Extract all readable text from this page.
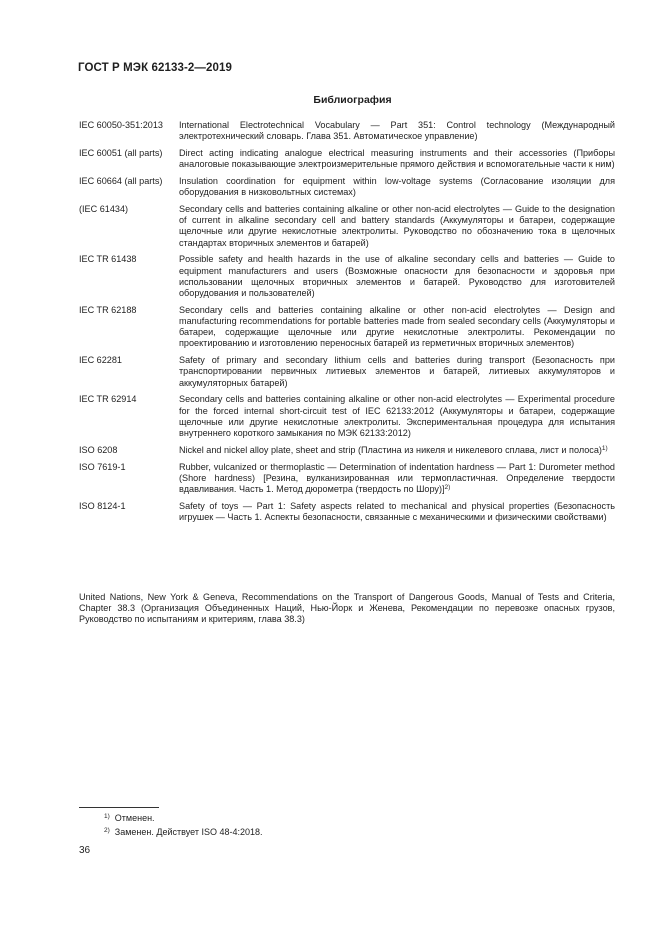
ГОСТ Р МЭК 62133-2—2019
Библиография
IEC 60050-351:2013	International Electrotechnical Vocabulary — Part 351: Control technology (Международный электротехнический словарь. Глава 351. Автоматическое управление)
IEC 60051 (all parts)	Direct acting indicating analogue electrical measuring instruments and their accessories (Приборы аналоговые показывающие электроизмерительные прямого действия и вспомогательные части к ним)
IEC 60664 (all parts)	Insulation coordination for equipment within low-voltage systems (Согласование изоляции для оборудования в низковольтных системах)
(IEC 61434)	Secondary cells and batteries containing alkaline or other non-acid electrolytes — Guide to the designation of current in alkaline secondary cell and battery standards (Аккумуляторы и батареи, содержащие щелочные или другие некислотные электролиты. Руководство по обозначению тока в щелочных стандартах вторичных элементов и батарей)
IEC TR 61438	Possible safety and health hazards in the use of alkaline secondary cells and batteries — Guide to equipment manufacturers and users (Возможные опасности для безопасности и здоровья при использовании щелочных вторичных элементов и батарей. Руководство для изготовителей оборудования и пользователей)
IEC TR 62188	Secondary cells and batteries containing alkaline or other non-acid electrolytes — Design and manufacturing recommendations for portable batteries made from sealed secondary cells (Аккумуляторы и батареи, содержащие щелочные или другие некислотные электролиты. Рекомендации по проектированию и изготовлению переносных батарей из герметичных вторичных элементов)
IEC 62281	Safety of primary and secondary lithium cells and batteries during transport (Безопасность при транспортировании первичных литиевых элементов и батарей, литиевых аккумуляторов и аккумуляторных батарей)
IEC TR 62914	Secondary cells and batteries containing alkaline or other non-acid electrolytes — Experimental procedure for the forced internal short-circuit test of IEC 62133:2012 (Аккумуляторы и батареи, содержащие щелочные или другие некислотные электролиты. Экспериментальная процедура для испытания внутреннего короткого замыкания по МЭК 62133:2012)
ISO 6208	Nickel and nickel alloy plate, sheet and strip (Пластина из никеля и никелевого сплава, лист и полоса)$^{1)}$
ISO 7619-1	Rubber, vulcanized or thermoplastic — Determination of indentation hardness — Part 1: Durometer method (Shore hardness) [Резина, вулканизированная или термопластичная. Определение твердости вдавливания. Часть 1. Метод дюрометра (твердость по Шору)]$^{2)}$
ISO 8124-1	Safety of toys — Part 1: Safety aspects related to mechanical and physical properties (Безопасность игрушек — Часть 1. Аспекты безопасности, связанные с механическими и физическими свойствами)
United Nations, New York & Geneva, Recommendations on the Transport of Dangerous Goods, Manual of Tests and Criteria, Chapter 38.3 (Организация Объединенных Наций, Нью-Йорк и Женева, Рекомендации по перевозке опасных грузов, Руководство по испытаниям и критериям, глава 38.3)
$^{1)}$ Отменен.
$^{2)}$ Заменен. Действует ISO 48-4:2018.
36
